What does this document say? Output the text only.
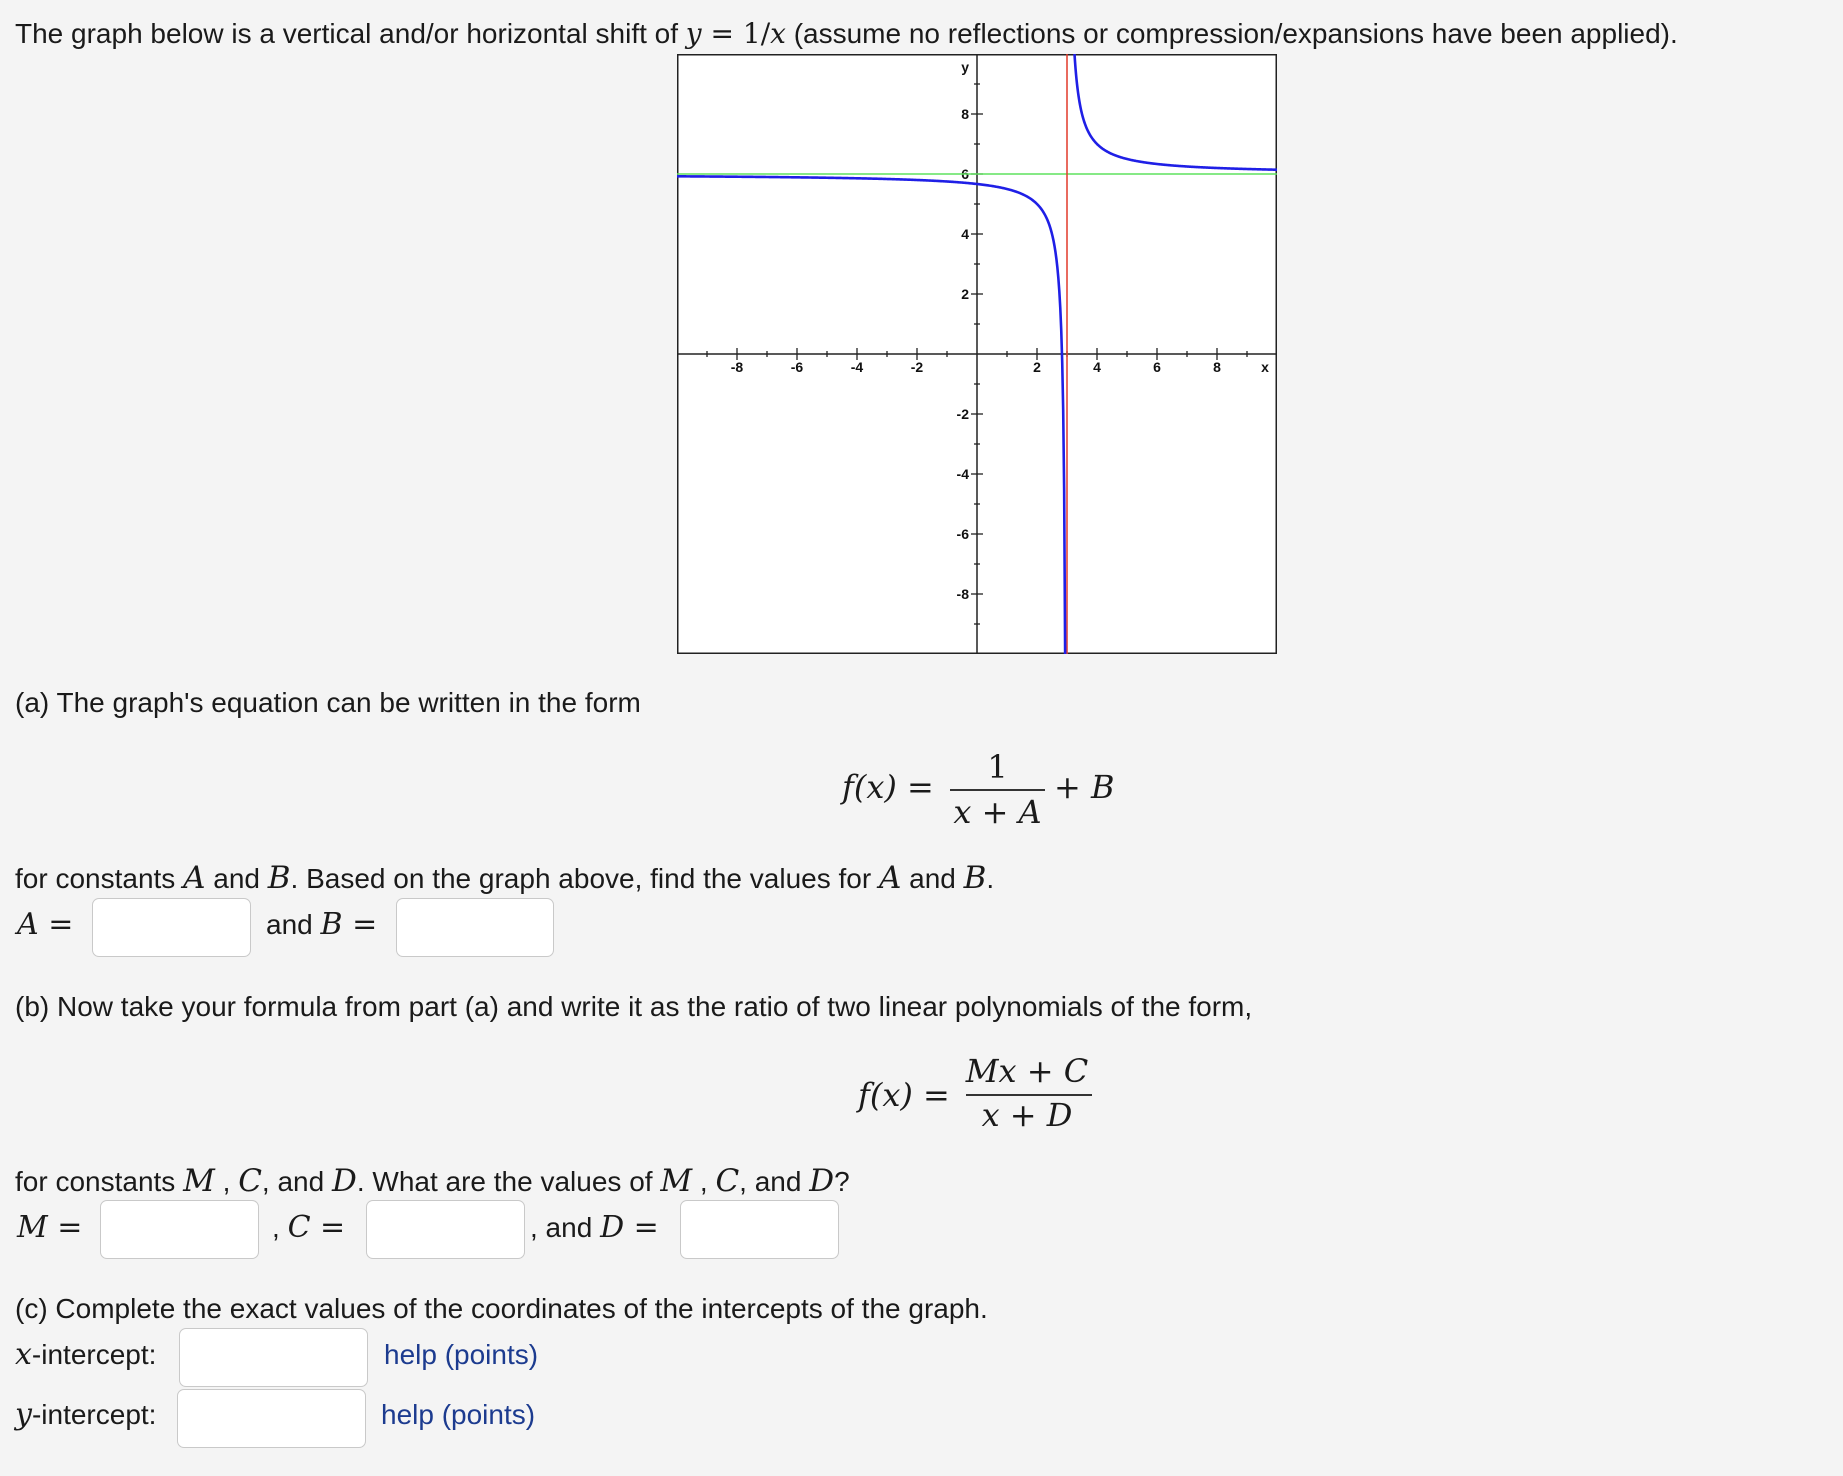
The graph below is a vertical and/or horizontal shift of y = 1/x (assume no reflections or compression/expansions have been applied).
-8	-6	-4	-2	2	4	6	8
8
6
4
2
-2
-4
-6
-8
x
y
(a) The graph's equation can be written in the form
f(x) =
1
x + A
+ B
for constants A and B. Based on the graph above, find the values for A and B.
A =	and B =
(b) Now take your formula from part (a) and write it as the ratio of two linear polynomials of the form,
f(x) =
Mx + C
x + D
for constants M , C, and D. What are the values of M , C, and D?
M =	, C =	, and D =
(c) Complete the exact values of the coordinates of the intercepts of the graph.
x-intercept:	help (points)
y-intercept:	help (points)
